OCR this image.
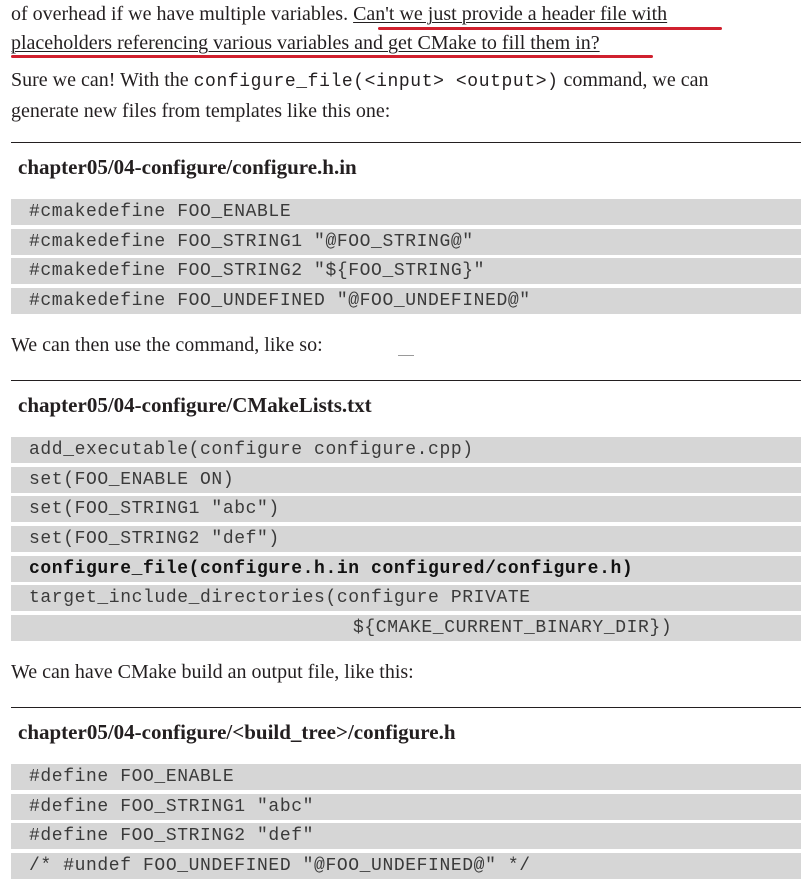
of overhead if we have multiple variables. Can't we just provide a header file with
placeholders referencing various variables and get CMake to fill them in?

Sure we can! With the configure_file(<input> <output>) command, we can
generate new files from templates like this one:

chapter05/04-configure/configure.h.in
#cmakedefine FOO_ENABLE
#cmakedefine FOO_STRING1 "@FOO_STRING@"
#cmakedefine FOO_STRING2 "${FOO_STRING}"
#cmakedefine FOO_UNDEFINED "@FOO_UNDEFINED@"

We can then use the command, like so:

chapter05/04-configure/CMakeLists.txt
add_executable(configure configure.cpp)
set(FOO_ENABLE ON)
set(FOO_STRING1 "abc")
set(FOO_STRING2 "def")
configure_file(configure.h.in configured/configure.h)
target_include_directories(configure PRIVATE
${CMAKE_CURRENT_BINARY_DIR})

We can have CMake build an output file, like this:

chapter05/04-configure/<build_tree>/configure.h
#define FOO_ENABLE
#define FOO_STRING1 "abc"
#define FOO_STRING2 "def"
/* #undef FOO_UNDEFINED "@FOO_UNDEFINED@" */
